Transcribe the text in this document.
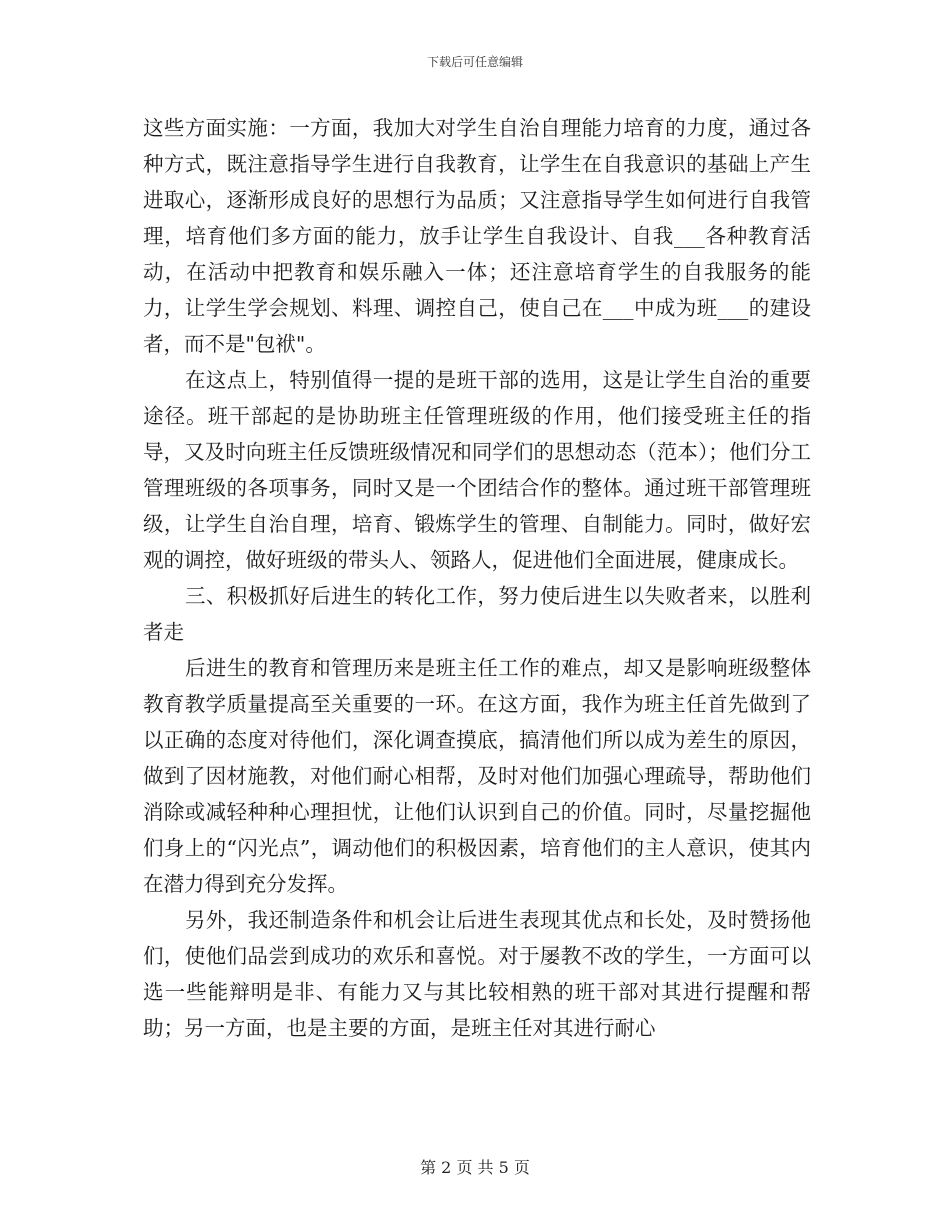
下载后可任意编辑

这些方面实施：一方面，我加大对学生自治自理能力培育的力度，通过各种方式，既注意指导学生进行自我教育，让学生在自我意识的基础上产生进取心，逐渐形成良好的思想行为品质；又注意指导学生如何进行自我管理，培育他们多方面的能力，放手让学生自我设计、自我___各种教育活动，在活动中把教育和娱乐融入一体；还注意培育学生的自我服务的能力，让学生学会规划、料理、调控自己，使自己在___中成为班___的建设者，而不是"包袱"。

在这点上，特别值得一提的是班干部的选用，这是让学生自治的重要途径。班干部起的是协助班主任管理班级的作用，他们接受班主任的指导，又及时向班主任反馈班级情况和同学们的思想动态（范本）；他们分工管理班级的各项事务，同时又是一个团结合作的整体。通过班干部管理班级，让学生自治自理，培育、锻炼学生的管理、自制能力。同时，做好宏观的调控，做好班级的带头人、领路人，促进他们全面进展，健康成长。

三、积极抓好后进生的转化工作，努力使后进生以失败者来，以胜利者走

后进生的教育和管理历来是班主任工作的难点，却又是影响班级整体教育教学质量提高至关重要的一环。在这方面，我作为班主任首先做到了以正确的态度对待他们，深化调查摸底，搞清他们所以成为差生的原因，做到了因材施教，对他们耐心相帮，及时对他们加强心理疏导，帮助他们消除或减轻种种心理担忧，让他们认识到自己的价值。同时，尽量挖掘他们身上的“闪光点”，调动他们的积极因素，培育他们的主人意识，使其内在潜力得到充分发挥。

另外，我还制造条件和机会让后进生表现其优点和长处，及时赞扬他们，使他们品尝到成功的欢乐和喜悦。对于屡教不改的学生，一方面可以选一些能辩明是非、有能力又与其比较相熟的班干部对其进行提醒和帮助；另一方面，也是主要的方面，是班主任对其进行耐心

第 2 页 共 5 页
